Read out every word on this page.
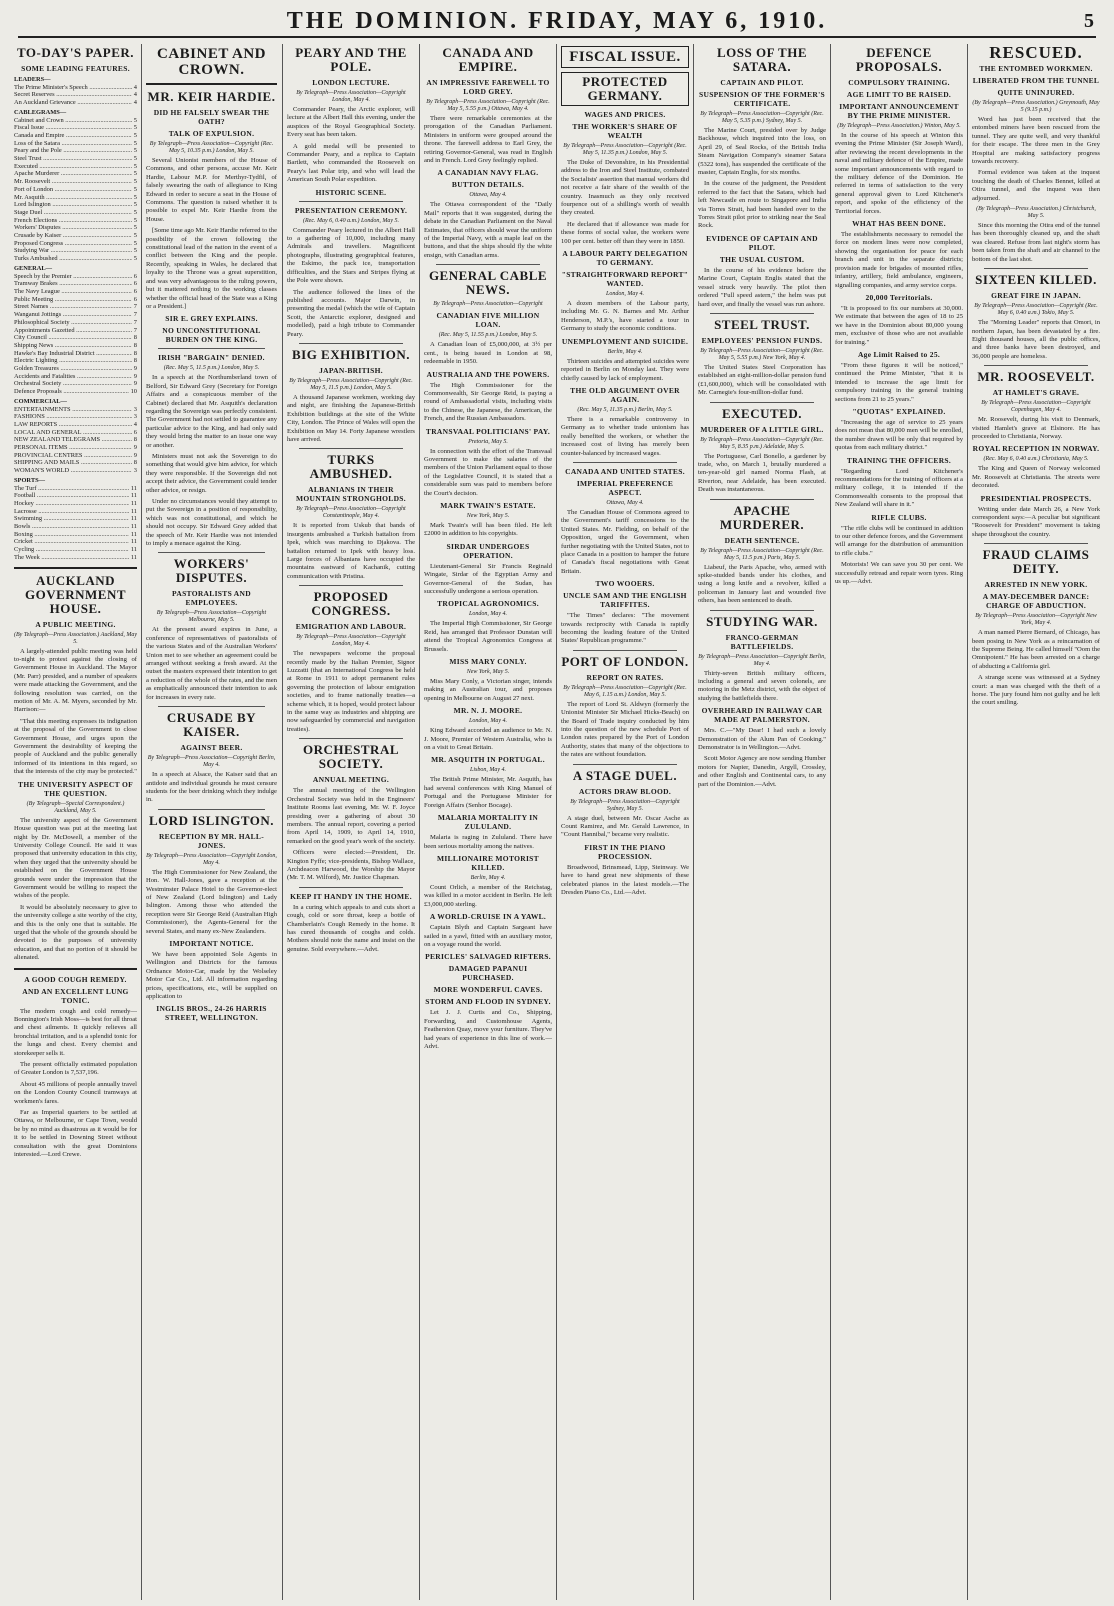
THE DOMINION. FRIDAY, MAY 6, 1910.	5
TO-DAY'S PAPER.
SOME LEADING FEATURES.
LEADERS—
The Prime Minister's Speech .....	4
Secret Reserves .....	4
An Auckland Grievance .....	4
CABLEGRAMS—
Cabinet and Crown .....	5
Fiscal Issue .....	5
Canada and Empire .....	5
Loss of the Satara .....	5
Peary and the Pole .....	5
Steel Trust .....	5
Executed .....	5
Apache Murderer .....	5
Mr. Roosevelt .....	5
Port of London .....	5
Mr. Asquith .....	5
Lord Islington .....	5
Stage Duel .....	5
French Elections .....	5
Workers' Disputes .....	5
Crusade by Kaiser .....	5
Proposed Congress .....	5
Studying War .....	5
Turks Ambushed .....	5
GENERAL—
Speech by the Premier .....	6
Tramway Brakes .....	6
The Navy League .....	6
Public Meeting .....	6
Street Names .....	7
Wanganui Jottings .....	7
Philosophical Society .....	7
Appointments Gazetted .....	7
City Council .....	8
Shipping News .....	8
Hawke's Bay Industrial District .....	8
Electric Lighting .....	8
Golden Treasures .....	9
Accidents and Fatalities .....	9
Orchestral Society .....	9
Defence Proposals .....	10
COMMERCIAL—
ENTERTAINMENTS .....	3
FASHIONS .....	3
LAW REPORTS .....	4
LOCAL AND GENERAL .....	6
NEW ZEALAND TELEGRAMS .....	8
PERSONAL ITEMS .....	9
PROVINCIAL CENTRES .....	9
SHIPPING AND MAILS .....	8
WOMAN'S WORLD .....	3
SPORTS—
The Turf .....	11
Football .....	11
Hockey .....	11
Lacrosse .....	11
Swimming .....	11
Bowls .....	11
Boxing .....	11
Cricket .....	11
Cycling .....	11
The Week .....	11
AUCKLAND GOVERNMENT HOUSE.
A PUBLIC MEETING.
(By Telegraph—Press Association.) Auckland, May 5.
A largely-attended public meeting was held to-night to protest against the closing of Government House in Auckland. The Mayor (Mr. Parr) presided, and a number of speakers were made attacking the Government, and the following resolution was carried, on the motion of Mr. A. M. Myers, seconded by Mr. Harrison:—
"That this meeting expresses its indignation at the proposal of the Government to close Government House, and urges upon the Government the desirability of keeping the people of Auckland and the public generally informed of its intentions in this regard, so that the interests of the city may be protected."
THE UNIVERSITY ASPECT OF THE QUESTION.
(By Telegraph—Special Correspondent.) Auckland, May 5.
The university aspect of the Government House question was put at the meeting last night by Dr. McDowell, a member of the University College Council. He said it was proposed that university education in this city, when they urged that the university should be established on the Government House grounds were under the impression that the Government would be willing to respect the wishes of the people.
It would be absolutely necessary to give to the university college a site worthy of the city, and this is the only one that is suitable. He urged that the whole of the grounds should be devoted to the purposes of university education, and that no portion of it should be alienated.
A GOOD COUGH REMEDY.
AND AN EXCELLENT LUNG TONIC.
The modern cough and cold remedy—Bonnington's Irish Moss—is best for all throat and chest ailments. It quickly relieves all bronchial irritation, and is a splendid tonic for the lungs and chest. Every chemist and storekeeper sells it.
The present officially estimated population of Greater London is 7,537,196.
About 45 millions of people annually travel on the London County Council tramways at workmen's fares.
Far as Imperial quarters to be settled at Ottawa, or Melbourne, or Cape Town, would be by no mind as disastrous as it would be for it to be settled in Downing Street without consultation with the great Dominions interested.—Lord Crewe.
CABINET AND CROWN.
MR. KEIR HARDIE.
DID HE FALSELY SWEAR THE OATH?
TALK OF EXPULSION.
By Telegraph—Press Association—Copyright (Rec. May 5, 10.35 p.m.) London, May 5.
Several Unionist members of the House of Commons, and other persons, accuse Mr. Keir Hardie, Labour M.P. for Merthyr-Tydfil, of falsely swearing the oath of allegiance to King Edward in order to secure a seat in the House of Commons. The question is raised whether it is possible to expel Mr. Keir Hardie from the House.
[Some time ago Mr. Keir Hardie referred to the possibility of the crown following the constitutional lead of the nation in the event of a conflict between the King and the people. Recently, speaking in Wales, he declared that loyalty to the Throne was a great superstition, and was very advantageous to the ruling powers, but it mattered nothing to the working classes whether the official head of the State was a King or a President.]
SIR E. GREY EXPLAINS.
NO UNCONSTITUTIONAL BURDEN ON THE KING.
IRISH "BARGAIN" DENIED.
(Rec. May 5, 11.5 p.m.) London, May 5.
In a speech at the Northumberland town of Belford, Sir Edward Grey (Secretary for Foreign Affairs and a conspicuous member of the Cabinet) declared that Mr. Asquith's declaration regarding the Sovereign was perfectly consistent. The Government had not settled to guarantee any particular advice to the King, and had only said they would bring the matter to an issue one way or another.
Ministers must not ask the Sovereign to do something that would give him advice, for which they were responsible. If the Sovereign did not accept their advice, the Government could tender other advice, or resign.
Under no circumstances would they attempt to put the Sovereign in a position of responsibility, which was not constitutional, and which he should not occupy. Sir Edward Grey added that the speech of Mr. Keir Hardie was not intended to imply a menace against the King.
WORKERS' DISPUTES.
PASTORALISTS AND EMPLOYEES.
By Telegraph—Press Association—Copyright Melbourne, May 5.
At the present award expires in June, a conference of representatives of pastoralists of the various States and of the Australian Workers' Union met to see whether an agreement could be arranged without seeking a fresh award. At the outset the masters expressed their intention to get a reduction of the whole of the rates, and the men as emphatically announced their intention to ask for increases in every rate.
CRUSADE BY KAISER.
AGAINST BEER.
By Telegraph—Press Association—Copyright Berlin, May 4.
In a speech at Alsace, the Kaiser said that an antidote and individual grounds he must censure students for the beer drinking which they indulge in.
LORD ISLINGTON.
RECEPTION BY MR. HALL-JONES.
By Telegraph—Press Association—Copyright London, May 4.
The High Commissioner for New Zealand, the Hon. W. Hall-Jones, gave a reception at the Westminster Palace Hotel to the Governor-elect of New Zealand (Lord Islington) and Lady Islington. Among those who attended the reception were Sir George Reid (Australian High Commissioner), the Agents-General for the several States, and many ex-New Zealanders.
IMPORTANT NOTICE.
We have been appointed Sole Agents in Wellington and Districts for the famous Ordnance Motor-Car, made by the Wolseley Motor Car Co., Ltd. All information regarding prices, specifications, etc., will be supplied on application to
INGLIS BROS., 24-26 HARRIS STREET, WELLINGTON.
PEARY AND THE POLE.
LONDON LECTURE.
By Telegraph—Press Association—Copyright London, May 4.
Commander Peary, the Arctic explorer, will lecture at the Albert Hall this evening, under the auspices of the Royal Geographical Society. Every seat has been taken.
A gold medal will be presented to Commander Peary, and a replica to Captain Bartlett, who commanded the Roosevelt on Peary's last Polar trip, and who will lead the American South Polar expedition.
HISTORIC SCENE.
PRESENTATION CEREMONY.
(Rec. May 6, 0.40 a.m.) London, May 5.
Commander Peary lectured in the Albert Hall to a gathering of 10,000, including many Admirals and travellers. Magnificent photographs, illustrating geographical features, the Eskimo, the pack ice, transportation difficulties, and the Stars and Stripes flying at the Pole were shown.
The audience followed the lines of the published accounts. Major Darwin, in presenting the medal (which the wife of Captain Scott, the Antarctic explorer, designed and modelled), paid a high tribute to Commander Peary.
BIG EXHIBITION.
JAPAN-BRITISH.
By Telegraph—Press Association—Copyright (Rec. May 5, 11.5 p.m.) London, May 5.
A thousand Japanese workmen, working day and night, are finishing the Japanese-British Exhibition buildings at the site of the White City, London. The Prince of Wales will open the Exhibition on May 14. Forty Japanese wrestlers have arrived.
TURKS AMBUSHED.
ALBANIANS IN THEIR MOUNTAIN STRONGHOLDS.
By Telegraph—Press Association—Copyright Constantinople, May 4.
It is reported from Uskub that bands of insurgents ambushed a Turkish battalion from Ipek, which was marching to Djakova. The battalion returned to Ipek with heavy loss. Large forces of Albanians have occupied the mountains eastward of Kachanik, cutting communication with Pristina.
PROPOSED CONGRESS.
EMIGRATION AND LABOUR.
By Telegraph—Press Association—Copyright London, May 4.
The newspapers welcome the proposal recently made by the Italian Premier, Signor Luzzatti (that an International Congress be held at Rome in 1911 to adopt permanent rules governing the protection of labour emigration societies, and to frame nationally treaties—a scheme which, it is hoped, would protect labour in the same way as industries and shipping are now safeguarded by commercial and navigation treaties).
ORCHESTRAL SOCIETY.
ANNUAL MEETING.
The annual meeting of the Wellington Orchestral Society was held in the Engineers' Institute Rooms last evening, Mr. W. F. Joyce presiding over a gathering of about 30 members. The annual report, covering a period from April 14, 1909, to April 14, 1910, remarked on the good year's work of the society.
Officers were elected:—President, Dr. Kington Fyffe; vice-presidents, Bishop Wallace, Archdeacon Harwood, the Worship the Mayor (Mr. T. M. Wilford), Mr. Justice Chapman.
KEEP IT HANDY IN THE HOME.
In a curing which appeals to and cuts short a cough, cold or sore throat, keep a bottle of Chamberlain's Cough Remedy in the home. It has cured thousands of coughs and colds. Mothers should note the name and insist on the genuine. Sold everywhere.—Advt.
CANADA AND EMPIRE.
AN IMPRESSIVE FAREWELL TO LORD GREY.
By Telegraph—Press Association—Copyright (Rec. May 5, 5.55 p.m.) Ottawa, May 4.
There were remarkable ceremonies at the prorogation of the Canadian Parliament. Ministers in uniform were grouped around the throne. The farewell address to Earl Grey, the retiring Governor-General, was read in English and in French. Lord Grey feelingly replied.
A CANADIAN NAVY FLAG.
BUTTON DETAILS.
Ottawa, May 4.
The Ottawa correspondent of the "Daily Mail" reports that it was suggested, during the debate in the Canadian Parliament on the Naval Estimates, that officers should wear the uniform of the Imperial Navy, with a maple leaf on the buttons, and that the ships should fly the white ensign, with Canadian arms.
GENERAL CABLE NEWS.
By Telegraph—Press Association—Copyright
CANADIAN FIVE MILLION LOAN.
(Rec. May 5, 11.55 p.m.) London, May 5.
A Canadian loan of £5,000,000, at 3½ per cent., is being issued in London at 98, redeemable in 1950.
AUSTRALIA AND THE POWERS.
The High Commissioner for the Commonwealth, Sir George Reid, is paying a round of Ambassadorial visits, including visits to the Chinese, the Japanese, the American, the French, and the Russian Ambassadors.
TRANSVAAL POLITICIANS' PAY.
Pretoria, May 5.
In connection with the effort of the Transvaal Government to make the salaries of the members of the Union Parliament equal to those of the Legislative Council, it is stated that a considerable sum was paid to members before the Court's decision.
MARK TWAIN'S ESTATE.
New York, May 5.
Mark Twain's will has been filed. He left £2000 in addition to his copyrights.
SIRDAR UNDERGOES OPERATION.
Lieutenant-General Sir Francis Reginald Wingate, Sirdar of the Egyptian Army and Governor-General of the Sudan, has successfully undergone a serious operation.
TROPICAL AGRONOMICS.
London, May 4.
The Imperial High Commissioner, Sir George Reid, has arranged that Professor Dunstan will attend the Tropical Agronomics Congress at Brussels.
MISS MARY CONLY.
New York, May 5.
Miss Mary Conly, a Victorian singer, intends making an Australian tour, and proposes opening in Melbourne on August 27 next.
MR. N. J. MOORE.
London, May 4.
King Edward accorded an audience to Mr. N. J. Moore, Premier of Western Australia, who is on a visit to Great Britain.
MR. ASQUITH IN PORTUGAL.
Lisbon, May 4.
The British Prime Minister, Mr. Asquith, has had several conferences with King Manuel of Portugal and the Portuguese Minister for Foreign Affairs (Senhor Bocage).
MALARIA MORTALITY IN ZULULAND.
Malaria is raging in Zululand. There have been serious mortality among the natives.
MILLIONAIRE MOTORIST KILLED.
Berlin, May 4.
Count Orlich, a member of the Reichstag, was killed in a motor accident in Berlin. He left £3,000,000 sterling.
A WORLD-CRUISE IN A YAWL.
Captain Blyth and Captain Sargeant have sailed in a yawl, fitted with an auxiliary motor, on a voyage round the world.
PERICLES' SALVAGED RIFTERS.
DAMAGED PAPANUI PURCHASED.
MORE WONDERFUL CAVES.
STORM AND FLOOD IN SYDNEY.
Let J. J. Curtis and Co., Shipping, Forwarding, and Customhouse Agents, Featherston Quay, move your furniture. They've had years of experience in this line of work.—Advt.
FISCAL ISSUE.
PROTECTED GERMANY.
WAGES AND PRICES.
THE WORKER'S SHARE OF WEALTH
By Telegraph—Press Association—Copyright (Rec. May 5, 11.35 p.m.) London, May 5.
The Duke of Devonshire, in his Presidential address to the Iron and Steel Institute, combated the Socialists' assertion that manual workers did not receive a fair share of the wealth of the country. Inasmuch as they only received fourpence out of a shilling's worth of wealth they created.
He declared that if allowance was made for these forms of social value, the workers were 100 per cent. better off than they were in 1850.
A LABOUR PARTY DELEGATION TO GERMANY.
"STRAIGHTFORWARD REPORT" WANTED.
London, May 4.
A dozen members of the Labour party, including Mr. G. N. Barnes and Mr. Arthur Henderson, M.P.'s, have started a tour in Germany to study the economic conditions.
UNEMPLOYMENT AND SUICIDE.
Berlin, May 4.
Thirteen suicides and attempted suicides were reported in Berlin on Monday last. They were chiefly caused by lack of employment.
THE OLD ARGUMENT OVER AGAIN.
(Rec. May 5, 11.35 p.m.) Berlin, May 5.
There is a remarkable controversy in Germany as to whether trade unionism has really benefited the workers, or whether the increased cost of living has merely been counter-balanced by increased wages.
CANADA AND UNITED STATES.
IMPERIAL PREFERENCE ASPECT.
Ottawa, May 4.
The Canadian House of Commons agreed to the Government's tariff concessions to the United States. Mr. Fielding, on behalf of the Opposition, urged the Government, when further negotiating with the United States, not to place Canada in a position to hamper the future of Canada's fiscal negotiations with Great Britain.
TWO WOOERS.
UNCLE SAM AND THE ENGLISH TARIFFITES.
"The Times" declares: "The movement towards reciprocity with Canada is rapidly becoming the leading feature of the United States' Republican programme."
PORT OF LONDON.
REPORT ON RATES.
By Telegraph—Press Association—Copyright (Rec. May 6, 1.15 a.m.) London, May 5.
The report of Lord St. Aldwyn (formerly the Unionist Minister Sir Michael Hicks-Beach) on the Board of Trade inquiry conducted by him into the question of the new schedule Port of London rates prepared by the Port of London Authority, states that many of the objections to the rates are without foundation.
A STAGE DUEL.
ACTORS DRAW BLOOD.
By Telegraph—Press Association—Copyright Sydney, May 5.
A stage duel, between Mr. Oscar Asche as Count Ramirez, and Mr. Gerald Lawrence, in "Count Hannibal," became very realistic.
FIRST IN THE PIANO PROCESSION.
Broadwood, Brinsmead, Lipp, Steinway. We have to hand great new shipments of these celebrated pianos in the latest models.—The Dresden Piano Co., Ltd.—Advt.
LOSS OF THE SATARA.
CAPTAIN AND PILOT.
SUSPENSION OF THE FORMER'S CERTIFICATE.
By Telegraph—Press Association—Copyright (Rec. May 5, 5.35 p.m.) Sydney, May 5.
The Marine Court, presided over by Judge Backhouse, which inquired into the loss, on April 29, of Seal Rocks, of the British India Steam Navigation Company's steamer Satara (5322 tons), has suspended the certificate of the master, Captain Englis, for six months.
In the course of the judgment, the President referred to the fact that the Satara, which had left Newcastle en route to Singapore and India via Torres Strait, had been handed over to the Torres Strait pilot prior to striking near the Seal Rock.
EVIDENCE OF CAPTAIN AND PILOT.
THE USUAL CUSTOM.
In the course of his evidence before the Marine Court, Captain Englis stated that the vessel struck very heavily. The pilot then ordered "Full speed astern," the helm was put hard over, and finally the vessel was run ashore.
STEEL TRUST.
EMPLOYEES' PENSION FUNDS.
By Telegraph—Press Association—Copyright (Rec. May 5, 5.55 p.m.) New York, May 4.
The United States Steel Corporation has established an eight-million-dollar pension fund (£1,600,000), which will be consolidated with Mr. Carnegie's four-million-dollar fund.
EXECUTED.
MURDERER OF A LITTLE GIRL.
By Telegraph—Press Association—Copyright (Rec. May 5, 8.35 p.m.) Adelaide, May 5.
The Portuguese, Carl Bonello, a gardener by trade, who, on March 1, brutally murdered a ten-year-old girl named Norma Flash, at Riverton, near Adelaide, has been executed. Death was instantaneous.
APACHE MURDERER.
DEATH SENTENCE.
By Telegraph—Press Association—Copyright (Rec. May 5, 11.5 p.m.) Paris, May 5.
Liabeuf, the Paris Apache, who, armed with spike-studded bands under his clothes, and using a long knife and a revolver, killed a policeman in January last and wounded five others, has been sentenced to death.
STUDYING WAR.
FRANCO-GERMAN BATTLEFIELDS.
By Telegraph—Press Association—Copyright Berlin, May 4.
Thirty-seven British military officers, including a general and seven colonels, are motoring in the Metz district, with the object of studying the battlefields there.
OVERHEARD IN RAILWAY CAR MADE AT PALMERSTON.
Mrs. C.—"My Dear! I had such a lovely Demonstration of the Alum Pan of Cooking." Demonstrator is in Wellington.—Advt.
Scott Motor Agency are now sending Humber motors for Napier, Danedin, Argyll, Crossley, and other English and Continental cars, to any part of the Dominion.—Advt.
DEFENCE PROPOSALS.
COMPULSORY TRAINING.
AGE LIMIT TO BE RAISED.
IMPORTANT ANNOUNCEMENT BY THE PRIME MINISTER.
(By Telegraph—Press Association.) Winton, May 5.
In the course of his speech at Winton this evening the Prime Minister (Sir Joseph Ward), after reviewing the recent developments in the naval and military defence of the Empire, made some important announcements with regard to the military defence of the Dominion. He referred in terms of satisfaction to the very general approval given to Lord Kitchener's report, and spoke of the efficiency of the Territorial forces.
WHAT HAS BEEN DONE.
The establishments necessary to remodel the force on modern lines were now completed, showing the organisation for peace for each branch and unit in the separate districts; provision made for brigades of mounted rifles, infantry, artillery, field ambulance, engineers, signalling companies, and army service corps.
20,000 Territorials.
"It is proposed to fix our numbers at 30,000. We estimate that between the ages of 18 to 25 we have in the Dominion about 80,000 young men, exclusive of those who are not available for training."
Age Limit Raised to 25.
"From these figures it will be noticed," continued the Prime Minister, "that it is intended to increase the age limit for compulsory training in the general training sections from 21 to 25 years."
"QUOTAS" EXPLAINED.
"Increasing the age of service to 25 years does not mean that 80,000 men will be enrolled, the number drawn will be only that required by quotas from each military district."
TRAINING THE OFFICERS.
"Regarding Lord Kitchener's recommendations for the training of officers at a military college, it is intended if the Commonwealth consents to the proposal that New Zealand will share in it."
RIFLE CLUBS.
"The rifle clubs will be continued in addition to our other defence forces, and the Government will arrange for the distribution of ammunition to rifle clubs."
Motorists! We can save you 30 per cent. We successfully retread and repair worn tyres. Ring us up.—Advt.
RESCUED.
THE ENTOMBED WORKMEN.
LIBERATED FROM THE TUNNEL
QUITE UNINJURED.
(By Telegraph—Press Association.) Greymouth, May 5 (9.15 p.m.)
Word has just been received that the entombed miners have been rescued from the tunnel. They are quite well, and very thankful for their escape. The three men in the Grey Hospital are making satisfactory progress towards recovery.
Formal evidence was taken at the inquest touching the death of Charles Bennet, killed at Otira tunnel, and the inquest was then adjourned.
(By Telegraph—Press Association.) Christchurch, May 5.
Since this morning the Otira end of the tunnel has been thoroughly cleaned up, and the shaft was cleared. Refuse from last night's storm has been taken from the shaft and air channel to the bottom of the last shot.
SIXTEEN KILLED.
GREAT FIRE IN JAPAN.
By Telegraph—Press Association—Copyright (Rec. May 6, 0.40 a.m.) Tokio, May 5.
The "Morning Leader" reports that Omori, in northern Japan, has been devastated by a fire. Eight thousand houses, all the public offices, and three banks have been destroyed, and 36,000 people are homeless.
MR. ROOSEVELT.
AT HAMLET'S GRAVE.
By Telegraph—Press Association—Copyright Copenhagen, May 4.
Mr. Roosevelt, during his visit to Denmark, visited Hamlet's grave at Elsinore. He has proceeded to Christiania, Norway.
ROYAL RECEPTION IN NORWAY.
(Rec. May 6, 0.40 a.m.) Christiania, May 5.
The King and Queen of Norway welcomed Mr. Roosevelt at Christiania. The streets were decorated.
PRESIDENTIAL PROSPECTS.
Writing under date March 26, a New York correspondent says:—A peculiar but significant "Roosevelt for President" movement is taking shape throughout the country.
FRAUD CLAIMS DEITY.
ARRESTED IN NEW YORK.
A MAY-DECEMBER DANCE: CHARGE OF ABDUCTION.
By Telegraph—Press Association—Copyright New York, May 4.
A man named Pierre Bernard, of Chicago, has been posing in New York as a reincarnation of the Supreme Being. He called himself "Oom the Omnipotent." He has been arrested on a charge of abducting a California girl.
A strange scene was witnessed at a Sydney court: a man was charged with the theft of a horse. The jury found him not guilty and he left the court smiling.
